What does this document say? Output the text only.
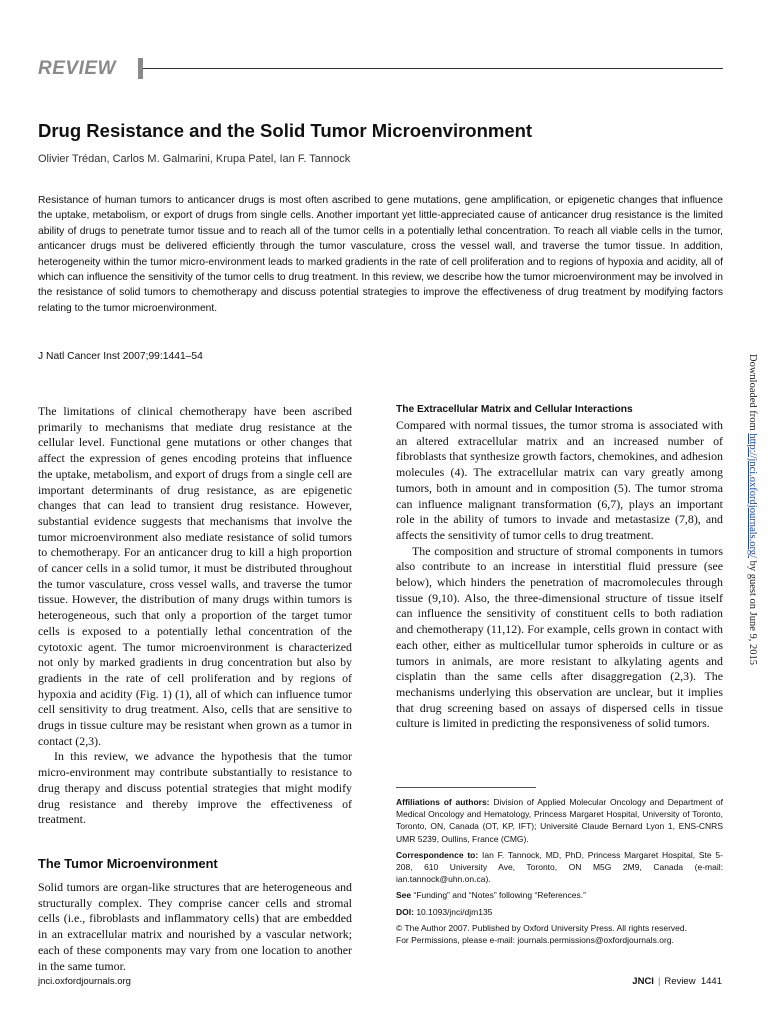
REVIEW
Drug Resistance and the Solid Tumor Microenvironment
Olivier Trédan, Carlos M. Galmarini, Krupa Patel, Ian F. Tannock

Resistance of human tumors to anticancer drugs is most often ascribed to gene mutations, gene amplification, or epigenetic changes that influence the uptake, metabolism, or export of drugs from single cells. Another important yet little-appreciated cause of anticancer drug resistance is the limited ability of drugs to penetrate tumor tissue and to reach all of the tumor cells in a potentially lethal concentration. To reach all viable cells in the tumor, anticancer drugs must be delivered efficiently through the tumor vasculature, cross the vessel wall, and traverse the tumor tissue. In addition, heterogeneity within the tumor micro-environment leads to marked gradients in the rate of cell proliferation and to regions of hypoxia and acidity, all of which can influence the sensitivity of the tumor cells to drug treatment. In this review, we describe how the tumor microenvironment may be involved in the resistance of solid tumors to chemotherapy and discuss potential strategies to improve the effectiveness of drug treatment by modifying factors relating to the tumor microenvironment.

J Natl Cancer Inst 2007;99:1441–54

The limitations of clinical chemotherapy have been ascribed primarily to mechanisms that mediate drug resistance at the cellular level. Functional gene mutations or other changes that affect the expression of genes encoding proteins that influence the uptake, metabolism, and export of drugs from a single cell are important determinants of drug resistance, as are epigenetic changes that can lead to transient drug resistance. However, substantial evidence suggests that mechanisms that involve the tumor microenvironment also mediate resistance of solid tumors to chemotherapy. For an anticancer drug to kill a high proportion of cancer cells in a solid tumor, it must be distributed throughout the tumor vasculature, cross vessel walls, and traverse the tumor tissue. However, the distribution of many drugs within tumors is heterogeneous, such that only a proportion of the target tumor cells is exposed to a potentially lethal concentration of the cytotoxic agent. The tumor microenvironment is characterized not only by marked gradients in drug concentration but also by gradients in the rate of cell proliferation and by regions of hypoxia and acidity (Fig. 1) (1), all of which can influence tumor cell sensitivity to drug treatment. Also, cells that are sensitive to drugs in tissue culture may be resistant when grown as a tumor in contact (2,3).

In this review, we advance the hypothesis that the tumor micro-environment may contribute substantially to resistance to drug therapy and discuss potential strategies that might modify drug resistance and thereby improve the effectiveness of treatment.

The Tumor Microenvironment

Solid tumors are organ-like structures that are heterogeneous and structurally complex. They comprise cancer cells and stromal cells (i.e., fibroblasts and inflammatory cells) that are embedded in an extracellular matrix and nourished by a vascular network; each of these components may vary from one location to another in the same tumor.

The Extracellular Matrix and Cellular Interactions

Compared with normal tissues, the tumor stroma is associated with an altered extracellular matrix and an increased number of fibroblasts that synthesize growth factors, chemokines, and adhesion molecules (4). The extracellular matrix can vary greatly among tumors, both in amount and in composition (5). The tumor stroma can influence malignant transformation (6,7), plays an important role in the ability of tumors to invade and metastasize (7,8), and affects the sensitivity of tumor cells to drug treatment.

The composition and structure of stromal components in tumors also contribute to an increase in interstitial fluid pressure (see below), which hinders the penetration of macromolecules through tissue (9,10). Also, the three-dimensional structure of tissue itself can influence the sensitivity of constituent cells to both radiation and chemotherapy (11,12). For example, cells grown in contact with each other, either as multicellular tumor spheroids in culture or as tumors in animals, are more resistant to alkylating agents and cisplatin than the same cells after disaggregation (2,3). The mechanisms underlying this observation are unclear, but it implies that drug screening based on assays of dispersed cells in tissue culture is limited in predicting the responsiveness of solid tumors.

Affiliations of authors: Division of Applied Molecular Oncology and Department of Medical Oncology and Hematology, Princess Margaret Hospital, University of Toronto, Toronto, ON, Canada (OT, KP, IFT); Université Claude Bernard Lyon 1, ENS-CNRS UMR 5239, Oullins, France (CMG).

Correspondence to: Ian F. Tannock, MD, PhD, Princess Margaret Hospital, Ste 5-208, 610 University Ave, Toronto, ON M5G 2M9, Canada (e-mail: ian.tannock@uhn.on.ca).

See “Funding” and “Notes” following “References.”

DOI: 10.1093/jnci/djm135

© The Author 2007. Published by Oxford University Press. All rights reserved.
For Permissions, please e-mail: journals.permissions@oxfordjournals.org.

Downloaded from http://jnci.oxfordjournals.org/ by guest on June 9, 2015
jnci.oxfordjournals.org	JNCI | Review 1441
